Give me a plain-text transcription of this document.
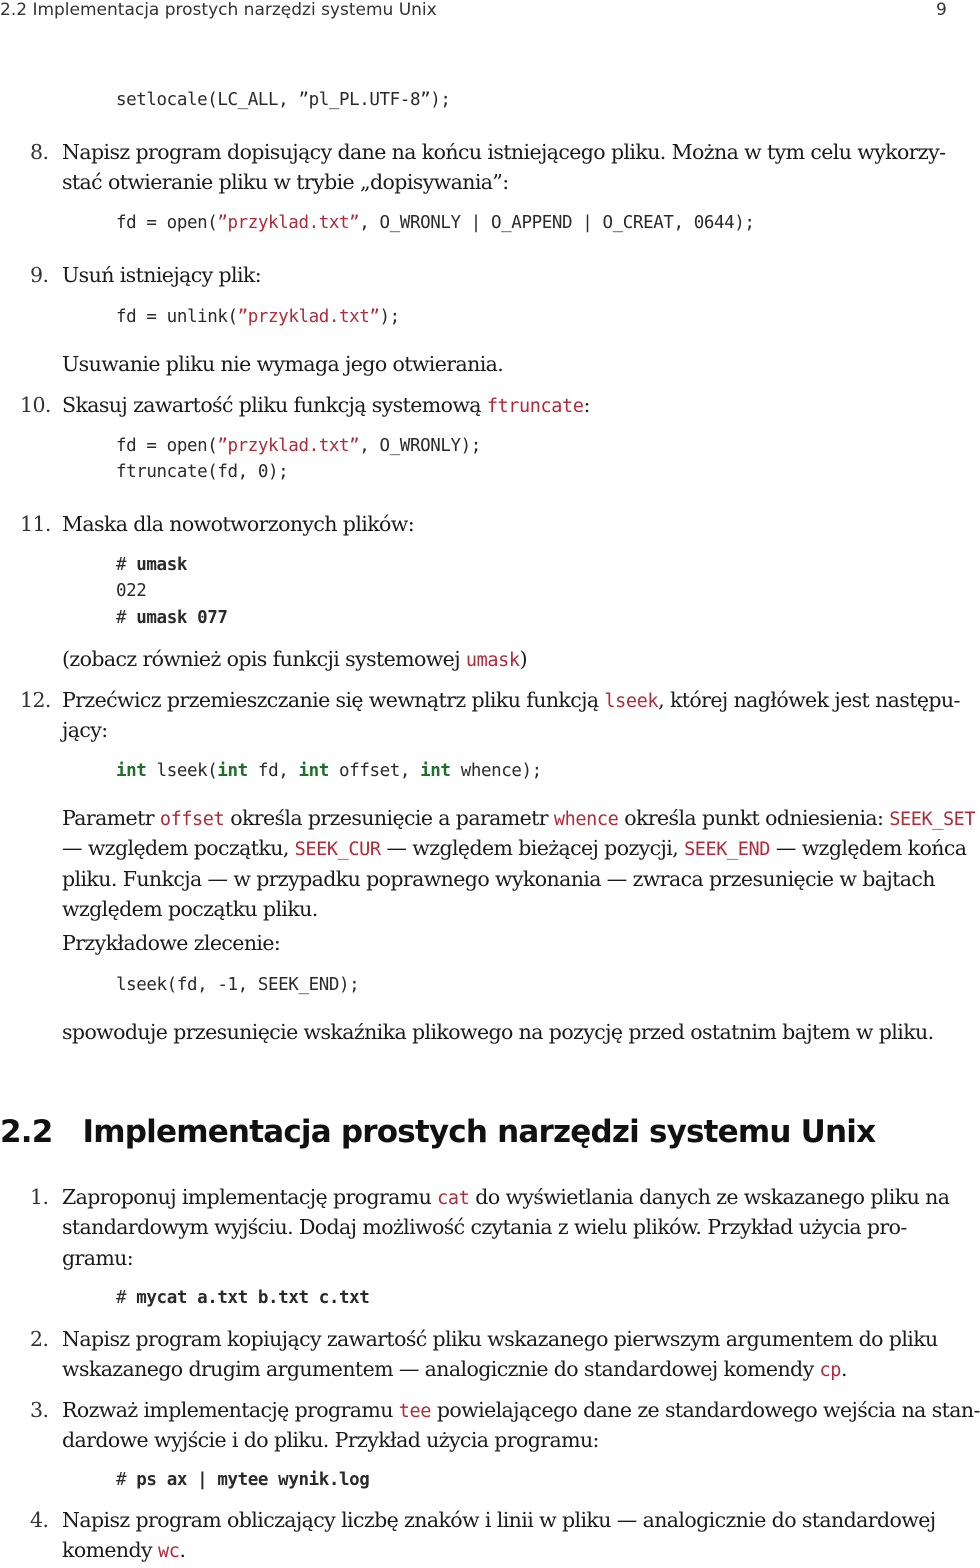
2.2 Implementacja prostych narzędzi systemu Unix	9
setlocale(LC_ALL, ”pl_PL.UTF-8”);
8. Napisz program dopisujący dane na końcu istniejącego pliku. Można w tym celu wykorzy-
stać otwieranie pliku w trybie „dopisywania”:
fd = open(”przyklad.txt”, O_WRONLY | O_APPEND | O_CREAT, 0644);
9. Usuń istniejący plik:
fd = unlink(”przyklad.txt”);
Usuwanie pliku nie wymaga jego otwierania.
10. Skasuj zawartość pliku funkcją systemową ftruncate:
fd = open(”przyklad.txt”, O_WRONLY);
ftruncate(fd, 0);
11. Maska dla nowotworzonych plików:
# umask
022
# umask 077
(zobacz również opis funkcji systemowej umask)
12. Przećwicz przemieszczanie się wewnątrz pliku funkcją lseek, której nagłówek jest następu-
jący:
int lseek(int fd, int offset, int whence);
Parametr offset określa przesunięcie a parametr whence określa punkt odniesienia: SEEK_SET
— względem początku, SEEK_CUR — względem bieżącej pozycji, SEEK_END — względem końca
pliku. Funkcja — w przypadku poprawnego wykonania — zwraca przesunięcie w bajtach
względem początku pliku.
Przykładowe zlecenie:
lseek(fd, -1, SEEK_END);
spowoduje przesunięcie wskaźnika plikowego na pozycję przed ostatnim bajtem w pliku.
2.2 Implementacja prostych narzędzi systemu Unix
1. Zaproponuj implementację programu cat do wyświetlania danych ze wskazanego pliku na
standardowym wyjściu. Dodaj możliwość czytania z wielu plików. Przykład użycia pro-
gramu:
# mycat a.txt b.txt c.txt
2. Napisz program kopiujący zawartość pliku wskazanego pierwszym argumentem do pliku
wskazanego drugim argumentem — analogicznie do standardowej komendy cp.
3. Rozważ implementację programu tee powielającego dane ze standardowego wejścia na stan-
dardowe wyjście i do pliku. Przykład użycia programu:
# ps ax | mytee wynik.log
4. Napisz program obliczający liczbę znaków i linii w pliku — analogicznie do standardowej
komendy wc.
